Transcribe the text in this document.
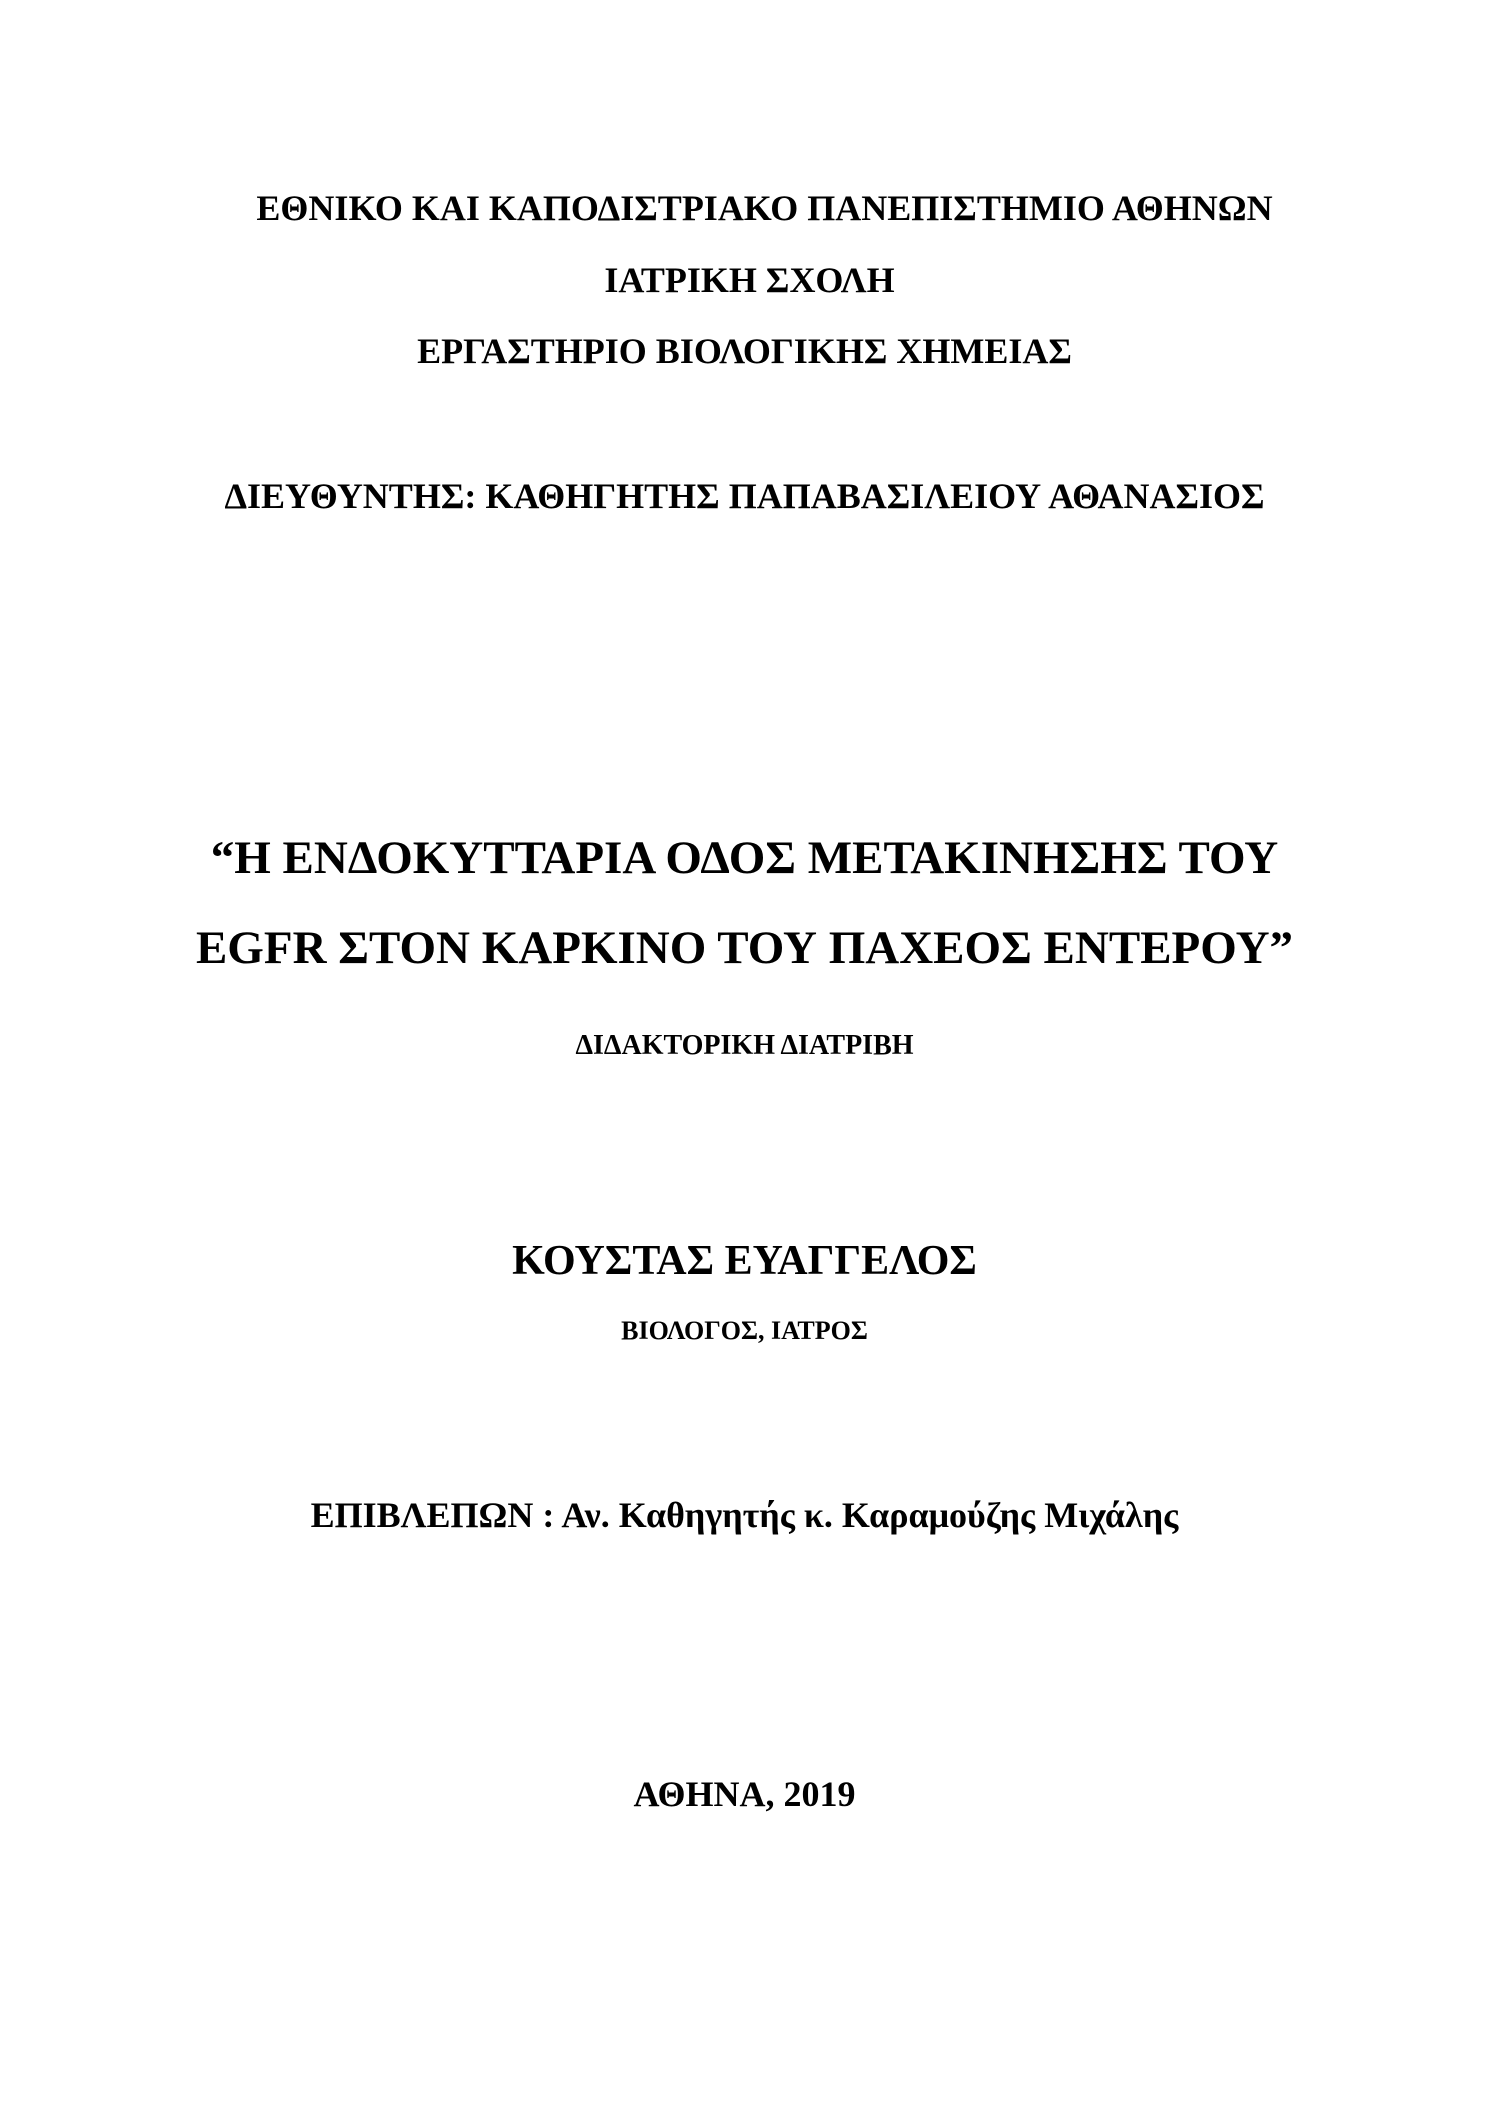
ΕΘΝΙΚΟ ΚΑΙ ΚΑΠΟΔΙΣΤΡΙΑΚΟ ΠΑΝΕΠΙΣΤΗΜΙΟ ΑΘΗΝΩΝ
ΙΑΤΡΙΚΗ ΣΧΟΛΗ
ΕΡΓΑΣΤΗΡΙΟ ΒΙΟΛΟΓΙΚΗΣ ΧΗΜΕΙΑΣ
ΔΙΕΥΘΥΝΤΗΣ: ΚΑΘΗΓΗΤΗΣ ΠΑΠΑΒΑΣΙΛΕΙΟΥ ΑΘΑΝΑΣΙΟΣ
“Η ΕΝΔΟΚΥΤΤΑΡΙΑ ΟΔΟΣ ΜΕΤΑΚΙΝΗΣΗΣ ΤΟΥ
EGFR ΣΤΟΝ ΚΑΡΚΙΝΟ ΤΟΥ ΠΑΧΕΟΣ ΕΝΤΕΡΟΥ”
ΔΙΔΑΚΤΟΡΙΚΗ ΔΙΑΤΡΙΒΗ
ΚΟΥΣΤΑΣ ΕΥΑΓΓΕΛΟΣ
ΒΙΟΛΟΓΟΣ, ΙΑΤΡΟΣ
ΕΠΙΒΛΕΠΩΝ : Αν. Καθηγητής κ. Καραμούζης Μιχάλης
ΑΘΗΝΑ, 2019
